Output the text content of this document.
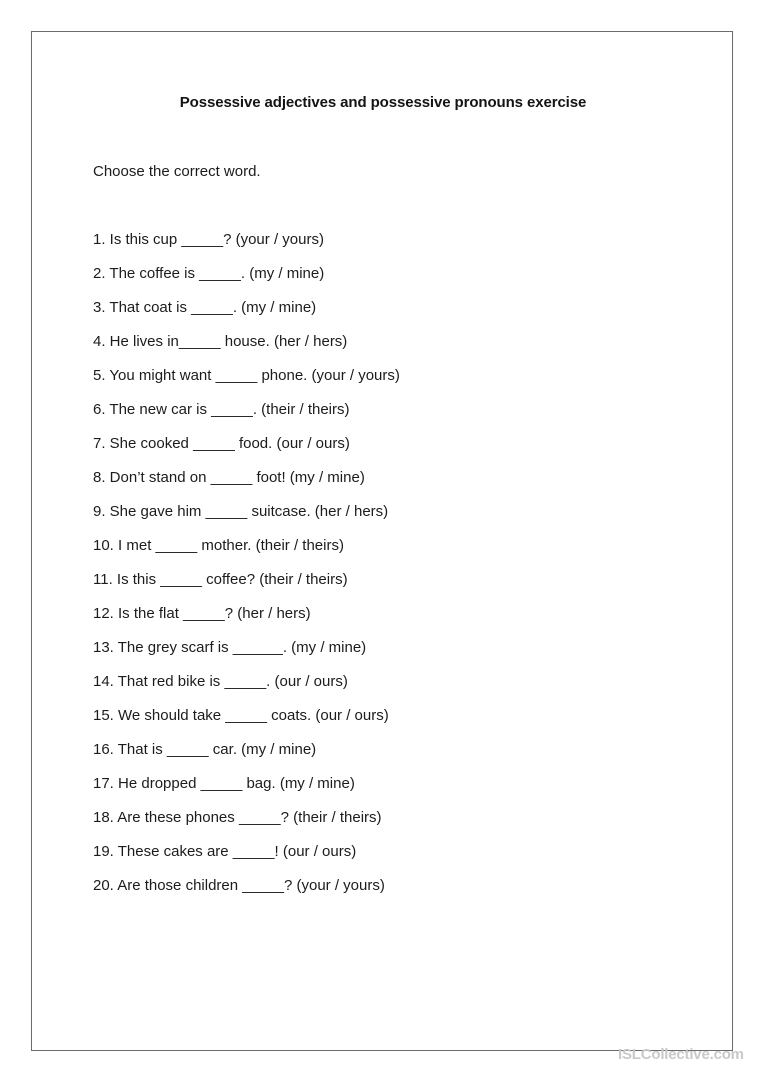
Possessive adjectives and possessive pronouns exercise
Choose the correct word.
1. Is this cup _____? (your / yours)
2. The coffee is _____. (my / mine)
3. That coat is _____. (my / mine)
4. He lives in_____ house. (her / hers)
5. You might want _____ phone. (your / yours)
6. The new car is _____. (their / theirs)
7. She cooked _____ food. (our / ours)
8. Don’t stand on _____ foot! (my / mine)
9. She gave him _____ suitcase. (her / hers)
10. I met _____ mother. (their / theirs)
11. Is this _____ coffee? (their / theirs)
12. Is the flat _____? (her / hers)
13. The grey scarf is ______. (my / mine)
14. That red bike is _____. (our / ours)
15. We should take _____ coats. (our / ours)
16. That is _____ car. (my / mine)
17. He dropped _____ bag. (my / mine)
18. Are these phones _____? (their / theirs)
19. These cakes are _____! (our / ours)
20. Are those children _____? (your / yours)
ISLCollective.com
